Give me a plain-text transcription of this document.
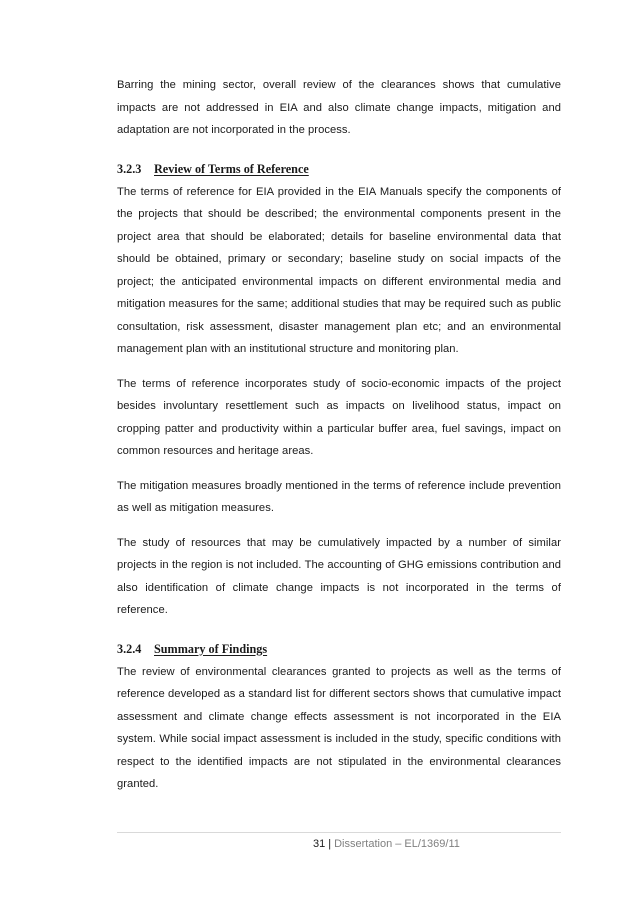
Barring the mining sector, overall review of the clearances shows that cumulative impacts are not addressed in EIA and also climate change impacts, mitigation and adaptation are not incorporated in the process.

3.2.3 Review of Terms of Reference

The terms of reference for EIA provided in the EIA Manuals specify the components of the projects that should be described; the environmental components present in the project area that should be elaborated; details for baseline environmental data that should be obtained, primary or secondary; baseline study on social impacts of the project; the anticipated environmental impacts on different environmental media and mitigation measures for the same; additional studies that may be required such as public consultation, risk assessment, disaster management plan etc; and an environmental management plan with an institutional structure and monitoring plan.

The terms of reference incorporates study of socio-economic impacts of the project besides involuntary resettlement such as impacts on livelihood status, impact on cropping patter and productivity within a particular buffer area, fuel savings, impact on common resources and heritage areas.

The mitigation measures broadly mentioned in the terms of reference include prevention as well as mitigation measures.

The study of resources that may be cumulatively impacted by a number of similar projects in the region is not included. The accounting of GHG emissions contribution and also identification of climate change impacts is not incorporated in the terms of reference.

3.2.4 Summary of Findings

The review of environmental clearances granted to projects as well as the terms of reference developed as a standard list for different sectors shows that cumulative impact assessment and climate change effects assessment is not incorporated in the EIA system. While social impact assessment is included in the study, specific conditions with respect to the identified impacts are not stipulated in the environmental clearances granted.

31 | Dissertation – EL/1369/11
